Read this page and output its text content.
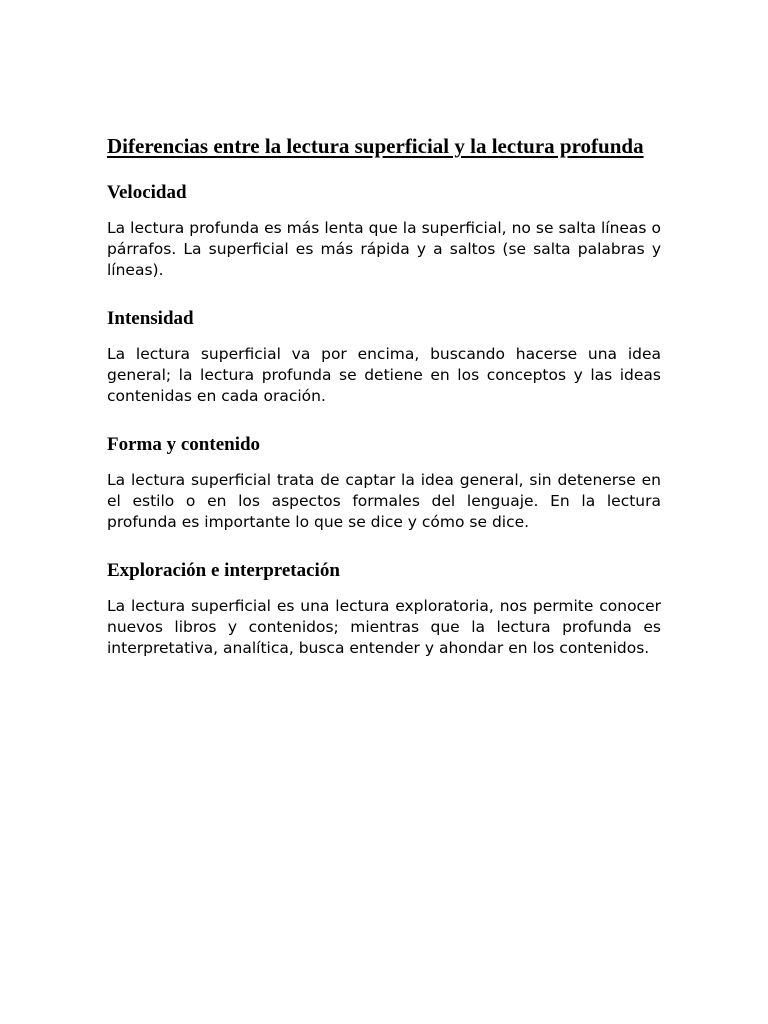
Diferencias entre la lectura superficial y la lectura profunda
Velocidad

La lectura profunda es más lenta que la superficial, no se salta líneas o párrafos. La superficial es más rápida y a saltos (se salta palabras y líneas).

Intensidad

La lectura superficial va por encima, buscando hacerse una idea general; la lectura profunda se detiene en los conceptos y las ideas contenidas en cada oración.

Forma y contenido

La lectura superficial trata de captar la idea general, sin detenerse en el estilo o en los aspectos formales del lenguaje. En la lectura profunda es importante lo que se dice y cómo se dice.

Exploración e interpretación

La lectura superficial es una lectura exploratoria, nos permite conocer nuevos libros y contenidos; mientras que la lectura profunda es interpretativa, analítica, busca entender y ahondar en los contenidos.
